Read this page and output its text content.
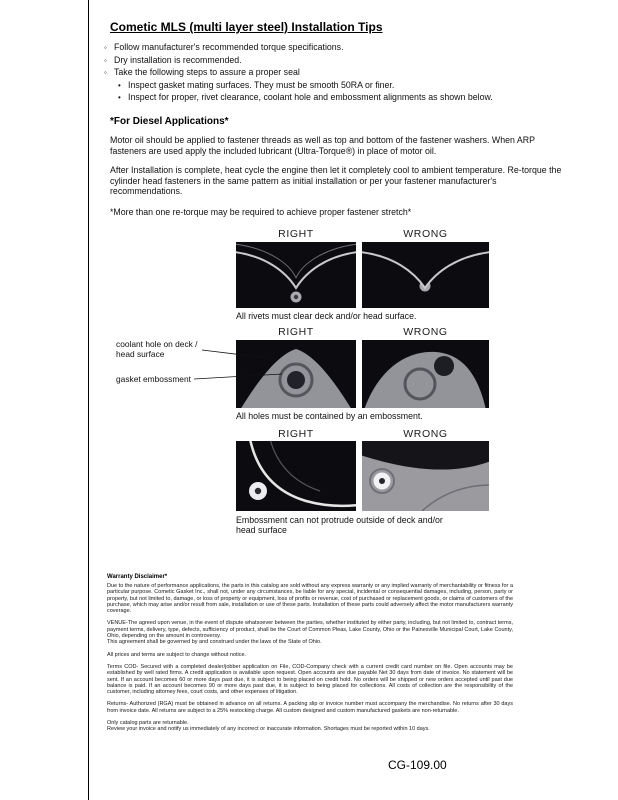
Cometic MLS (multi layer steel) Installation Tips
◦
Follow manufacturer's recommended torque specifications.
◦
Dry installation is recommended.
◦
Take the following steps to assure a proper seal
•
Inspect gasket mating surfaces. They must be smooth 50RA or finer.
•
Inspect for proper, rivet clearance, coolant hole and embossment alignments as shown below.
*For Diesel Applications*

Motor oil should be applied to fastener threads as well as top and bottom of the fastener washers. When ARP fasteners are used apply the included lubricant (Ultra-Torque®) in place of motor oil.

After Installation is complete, heat cycle the engine then let it completely cool to ambient temperature. Re-torque the cylinder head fasteners in the same pattern as initial installation or per your fastener manufacturer's recommendations.

*More than one re-torque may be required to achieve proper fastener stretch*

RIGHT	WRONG

All rivets must clear deck and/or head surface.

RIGHT	WRONG

coolant hole on deck / head surface

gasket embossment

All holes must be contained by an embossment.

RIGHT	WRONG

Embossment can not protrude outside of deck and/or head surface

Warranty Disclaimer*

Due to the nature of performance applications, the parts in this catalog are sold without any express warranty or any implied warranty of merchantability or fitness for a particular purpose. Cometic Gasket Inc., shall not, under any circumstances, be liable for any special, incidental or consequential damages, including, person, party or property, but not limited to, damage, or loss of property or equipment, loss of profits or revenue, cost of purchased or replacement goods, or claims of customers of the purchase, which may arise and/or result from sale, installation or use of these parts. Installation of these parts could adversely affect the motor manufacturers warranty coverage.

VENUE-The agreed upon venue, in the event of dispute whatsoever between the parties, whether instituted by either party, including, but not limited to, contract terms, payment terms, delivery, type, defects, sufficiency of product, shall be the Court of Common Pleas, Lake County, Ohio or the Painesville Municipal Court, Lake County, Ohio, depending on the amount in controversy.

This agreement shall be governed by and construed under the laws of the State of Ohio.

All prices and terms are subject to change without notice.

Terms COD- Secured with a completed dealer/jobber application on File, COD-Company check with a current credit card number on file. Open accounts may be established by well rated firms. A credit application is available upon request. Open accounts are due payable Net 30 days from date of invoice. No statement will be sent. If an account becomes 60 or more days past due, it is subject to being placed on credit hold. No orders will be shipped or new orders accepted until past due balance is paid. If an account becomes 90 or more days past due, it is subject to being placed for collections. All costs of collection are the responsibility of the customer, including attorney fees, court costs, and other expenses of litigation.

Returns- Authorized (RGA) must be obtained in advance on all returns. A packing slip or invoice number must accompany the merchandise. No returns after 30 days from invoice date. All returns are subject to a 25% restocking charge. All custom designed and custom manufactured gaskets are non-returnable.

Only catalog parts are returnable.

Review your invoice and notify us immediately of any incorrect or inaccurate information. Shortages must be reported within 10 days.

CG-109.00
